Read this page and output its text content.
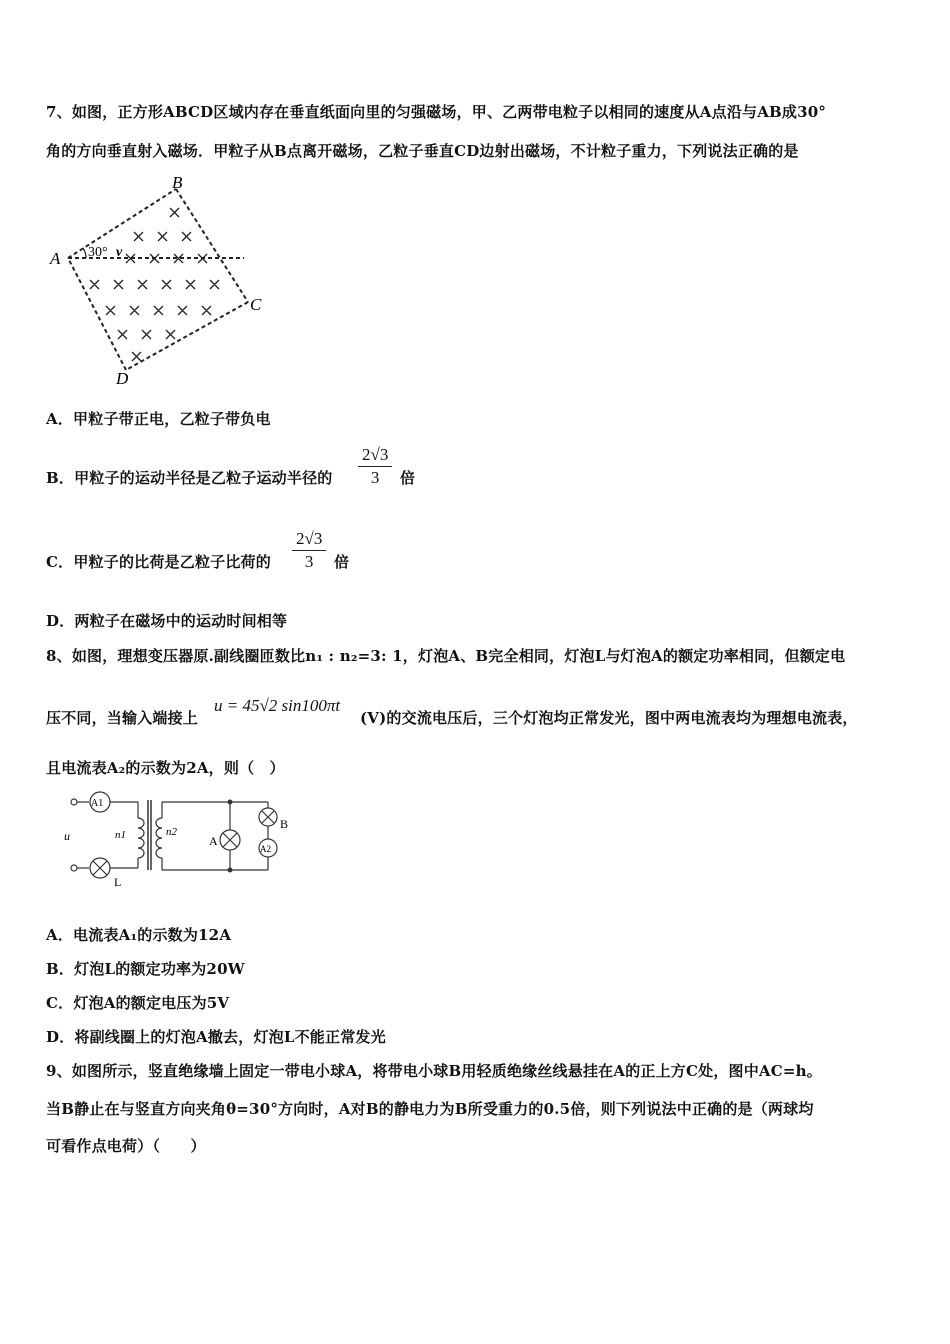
7、如图，正方形ABCD区域内存在垂直纸面向里的匀强磁场，甲、乙两带电粒子以相同的速度从A点沿与AB成30°
角的方向垂直射入磁场．甲粒子从B点离开磁场，乙粒子垂直CD边射出磁场，不计粒子重力，下列说法正确的是
A
B
C
D
30° v
A．甲粒子带正电，乙粒子带负电
B．甲粒子的运动半径是乙粒子运动半径的 $\frac{2√3}{3}$ 倍
C．甲粒子的比荷是乙粒子比荷的 $\frac{2√3}{3}$ 倍
D．两粒子在磁场中的运动时间相等
8、如图，理想变压器原.副线圈匝数比n₁ : n₂=3: 1，灯泡A、B完全相同，灯泡L与灯泡A的额定功率相同，但额定电
压不同，当输入端接上
u = 45√2 sin100πt
(V)的交流电压后，三个灯泡均正常发光，图中两电流表均为理想电流表，
且电流表A₂的示数为2A，则（　）
u
A1
A2
n1	n2
L
A
B
A．电流表A₁的示数为12A
B．灯泡L的额定功率为20W
C．灯泡A的额定电压为5V
D．将副线圈上的灯泡A撤去，灯泡L不能正常发光
9、如图所示，竖直绝缘墙上固定一带电小球A，将带电小球B用轻质绝缘丝线悬挂在A的正上方C处，图中AC=h。
当B静止在与竖直方向夹角θ=30°方向时，A对B的静电力为B所受重力的0.5倍，则下列说法中正确的是（两球均
可看作点电荷）（　　）
